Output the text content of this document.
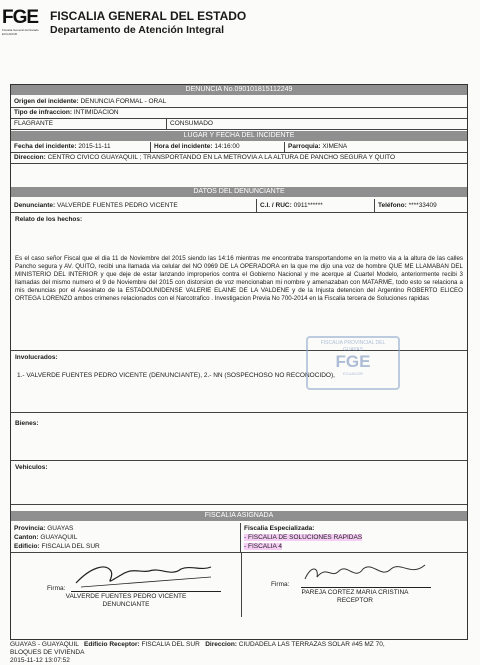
FGE
Fiscalía General del Estado ECUADOR
FISCALIA GENERAL DEL ESTADO
Departamento de Atención Integral
DENUNCIA No.090101815112249
Origen del incidente: DENUNCIA FORMAL - ORAL
Tipo de infraccion: INTIMIDACION
FLAGRANTE	CONSUMADO
LUGAR Y FECHA DEL INCIDENTE
Fecha del incidente: 2015-11-11	Hora del incidente: 14:16:00	Parroquia: XIMENA
Direccion: CENTRO CIVICO GUAYAQUIL ; TRANSPORTANDO EN LA METROVIA A LA ALTURA DE PANCHO SEGURA Y QUITO
DATOS DEL DENUNCIANTE
Denunciante: VALVERDE FUENTES PEDRO VICENTE	C.I. / RUC: 0911******	Teléfono: ****33409
Relato de los hechos:
Es el caso señor Fiscal que el dia 11 de Noviembre del 2015 siendo las 14:16 mientras me encontraba transportandome en la metro via a la altura de las calles Pancho segura y AV. QUITO, recibi una llamada via celular del NO 0969 DE LA OPERADORA en la que me dijo una voz de hombre QUE ME LLAMABAN DEL MINISTERIO DEL INTERIOR y que deje de estar lanzando improperios contra el Gobierno Nacional y me acerque al Cuartel Modelo, anteriormente recibi 3 llamadas del mismo numero el 9 de Noviembre del 2015 con distorsion de voz mencionaban mi nombre y amenazaban con MATARME, todo esto se relaciona a mis denuncias por el Asesinato de la ESTADOUNIDENSE VALERIE ELAINE DE LA VALDENE y de la Injusta detencion del Argentino ROBERTO ELICEO ORTEGA LORENZO ambos crimenes relacionados con el Narcotrafico . Investigacion Previa No 700-2014 en la Fiscalia tercera de Soluciones rapidas
Involucrados:
1.- VALVERDE FUENTES PEDRO VICENTE (DENUNCIANTE), 2.- NN (SOSPECHOSO NO RECONOCIDO),
Bienes:
Vehiculos:
FISCALIA ASIGNADA
Provincia: GUAYAS
Canton: GUAYAQUIL
Edificio: FISCALIA DEL SUR
Fiscalia Especializada:
- FISCALIA DE SOLUCIONES RAPIDAS
- FISCALIA 4
Firma:
VALVERDE FUENTES PEDRO VICENTE
DENUNCIANTE
Firma:
PAREJA CORTEZ MARIA CRISTINA
RECEPTOR
FISCALIA PROVINCIAL DEL
GUAYAS
FGE
ECUADOR
GUAYAS - GUAYAQUIL Edificio Receptor: FISCALIA DEL SUR Direccion: CIUDADELA LAS TERRAZAS SOLAR #45 MZ 70,
BLOQUES DE VIVIENDA
2015-11-12 13:07:52
